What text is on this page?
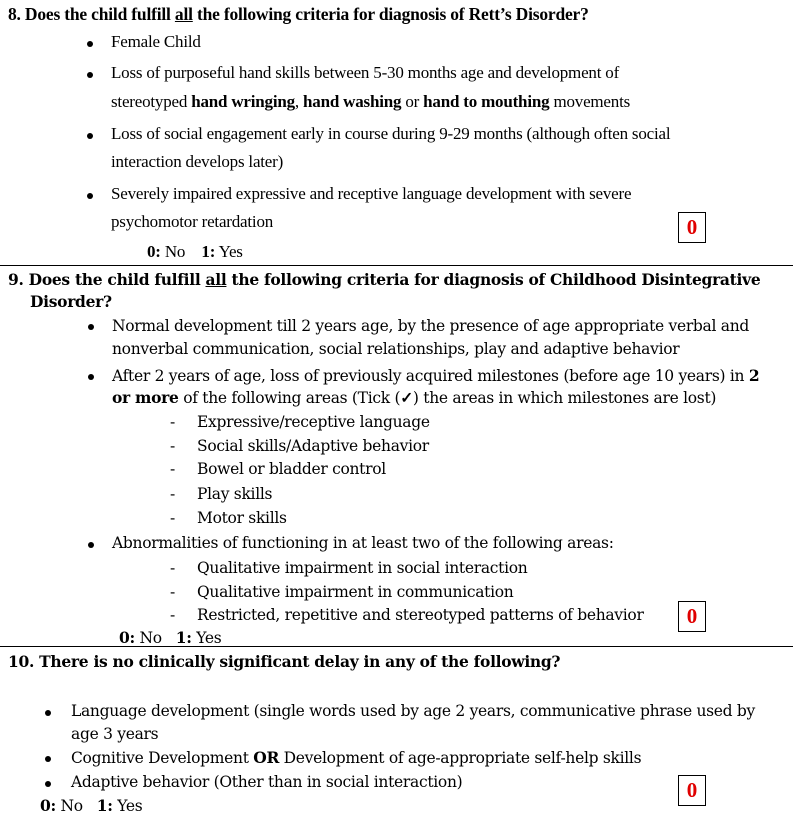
8. Does the child fulfill all the following criteria for diagnosis of Rett’s Disorder?
Female Child
Loss of purposeful hand skills between 5-30 months age and development of
stereotyped hand wringing, hand washing or hand to mouthing movements
Loss of social engagement early in course during 9-29 months (although often social
interaction develops later)
Severely impaired expressive and receptive language development with severe
psychomotor retardation
0: No 1: Yes
0
9. Does the child fulfill all the following criteria for diagnosis of Childhood Disintegrative
Disorder?
Normal development till 2 years age, by the presence of age appropriate verbal and
nonverbal communication, social relationships, play and adaptive behavior
After 2 years of age, loss of previously acquired milestones (before age 10 years) in 2
or more of the following areas (Tick (✓) the areas in which milestones are lost)
- Expressive/receptive language
- Social skills/Adaptive behavior
- Bowel or bladder control
- Play skills
- Motor skills
Abnormalities of functioning in at least two of the following areas:
- Qualitative impairment in social interaction
- Qualitative impairment in communication
- Restricted, repetitive and stereotyped patterns of behavior
0: No 1: Yes
0
10. There is no clinically significant delay in any of the following?
Language development (single words used by age 2 years, communicative phrase used by
age 3 years
Cognitive Development OR Development of age-appropriate self-help skills
Adaptive behavior (Other than in social interaction)
0: No 1: Yes
0
